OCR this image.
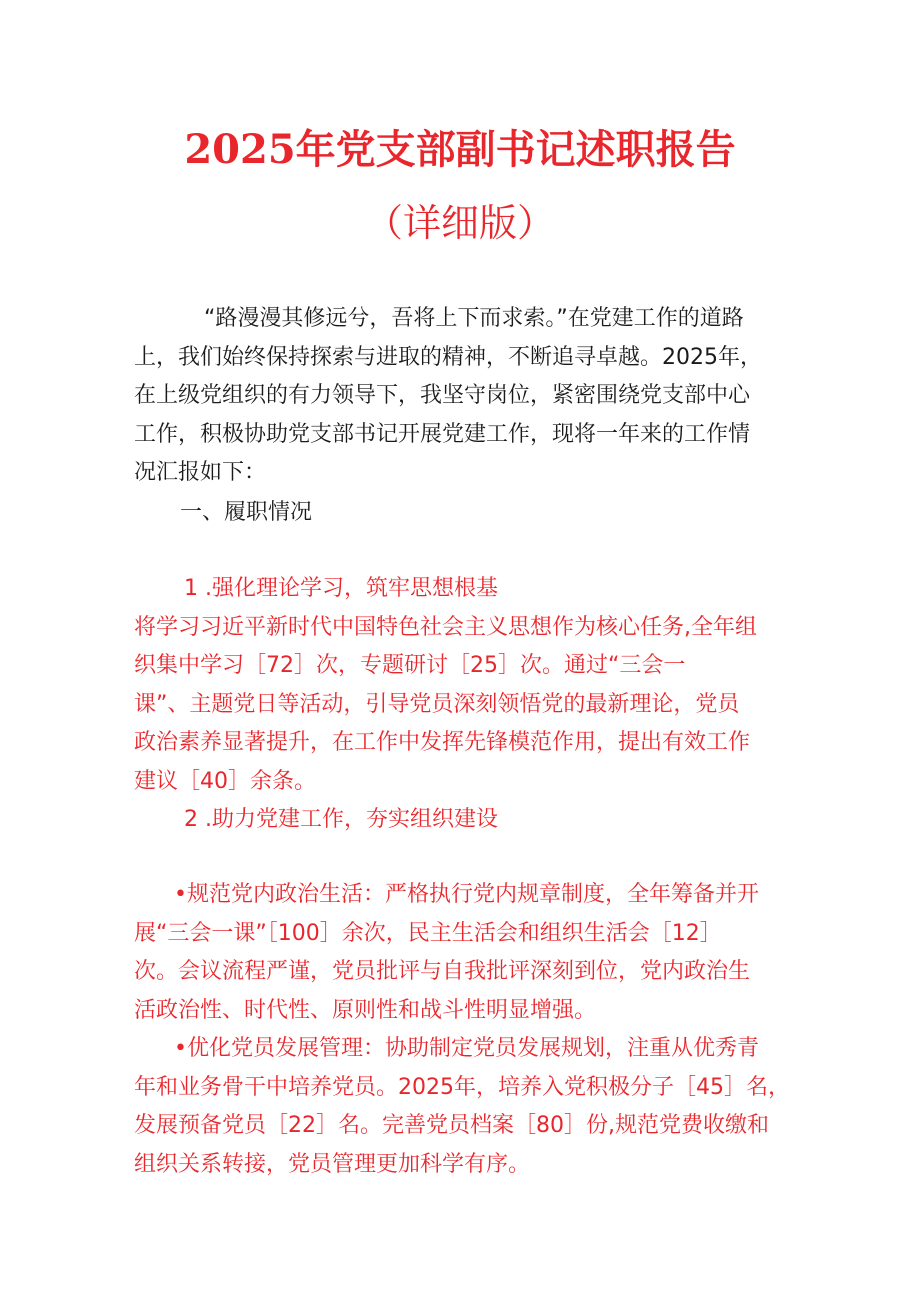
2025年党支部副书记述职报告
（详细版）
“路漫漫其修远兮，吾将上下而求索。”在党建工作的道路
上，我们始终保持探索与进取的精神，不断追寻卓越。2025年，
在上级党组织的有力领导下，我坚守岗位，紧密围绕党支部中心
工作，积极协助党支部书记开展党建工作，现将一年来的工作情
况汇报如下：
一、履职情况
1 .强化理论学习，筑牢思想根基
将学习习近平新时代中国特色社会主义思想作为核心任务,全年组
织集中学习［72］次，专题研讨［25］次。通过“三会一
课”、主题党日等活动，引导党员深刻领悟党的最新理论，党员
政治素养显著提升，在工作中发挥先锋模范作用，提出有效工作
建议［40］余条。
2 .助力党建工作，夯实组织建设
•规范党内政治生活：严格执行党内规章制度，全年筹备并开
展“三会一课”［100］余次，民主生活会和组织生活会［12］
次。会议流程严谨，党员批评与自我批评深刻到位，党内政治生
活政治性、时代性、原则性和战斗性明显增强。
•优化党员发展管理：协助制定党员发展规划，注重从优秀青
年和业务骨干中培养党员。2025年，培养入党积极分子［45］名，
发展预备党员［22］名。完善党员档案［80］份,规范党费收缴和
组织关系转接，党员管理更加科学有序。
